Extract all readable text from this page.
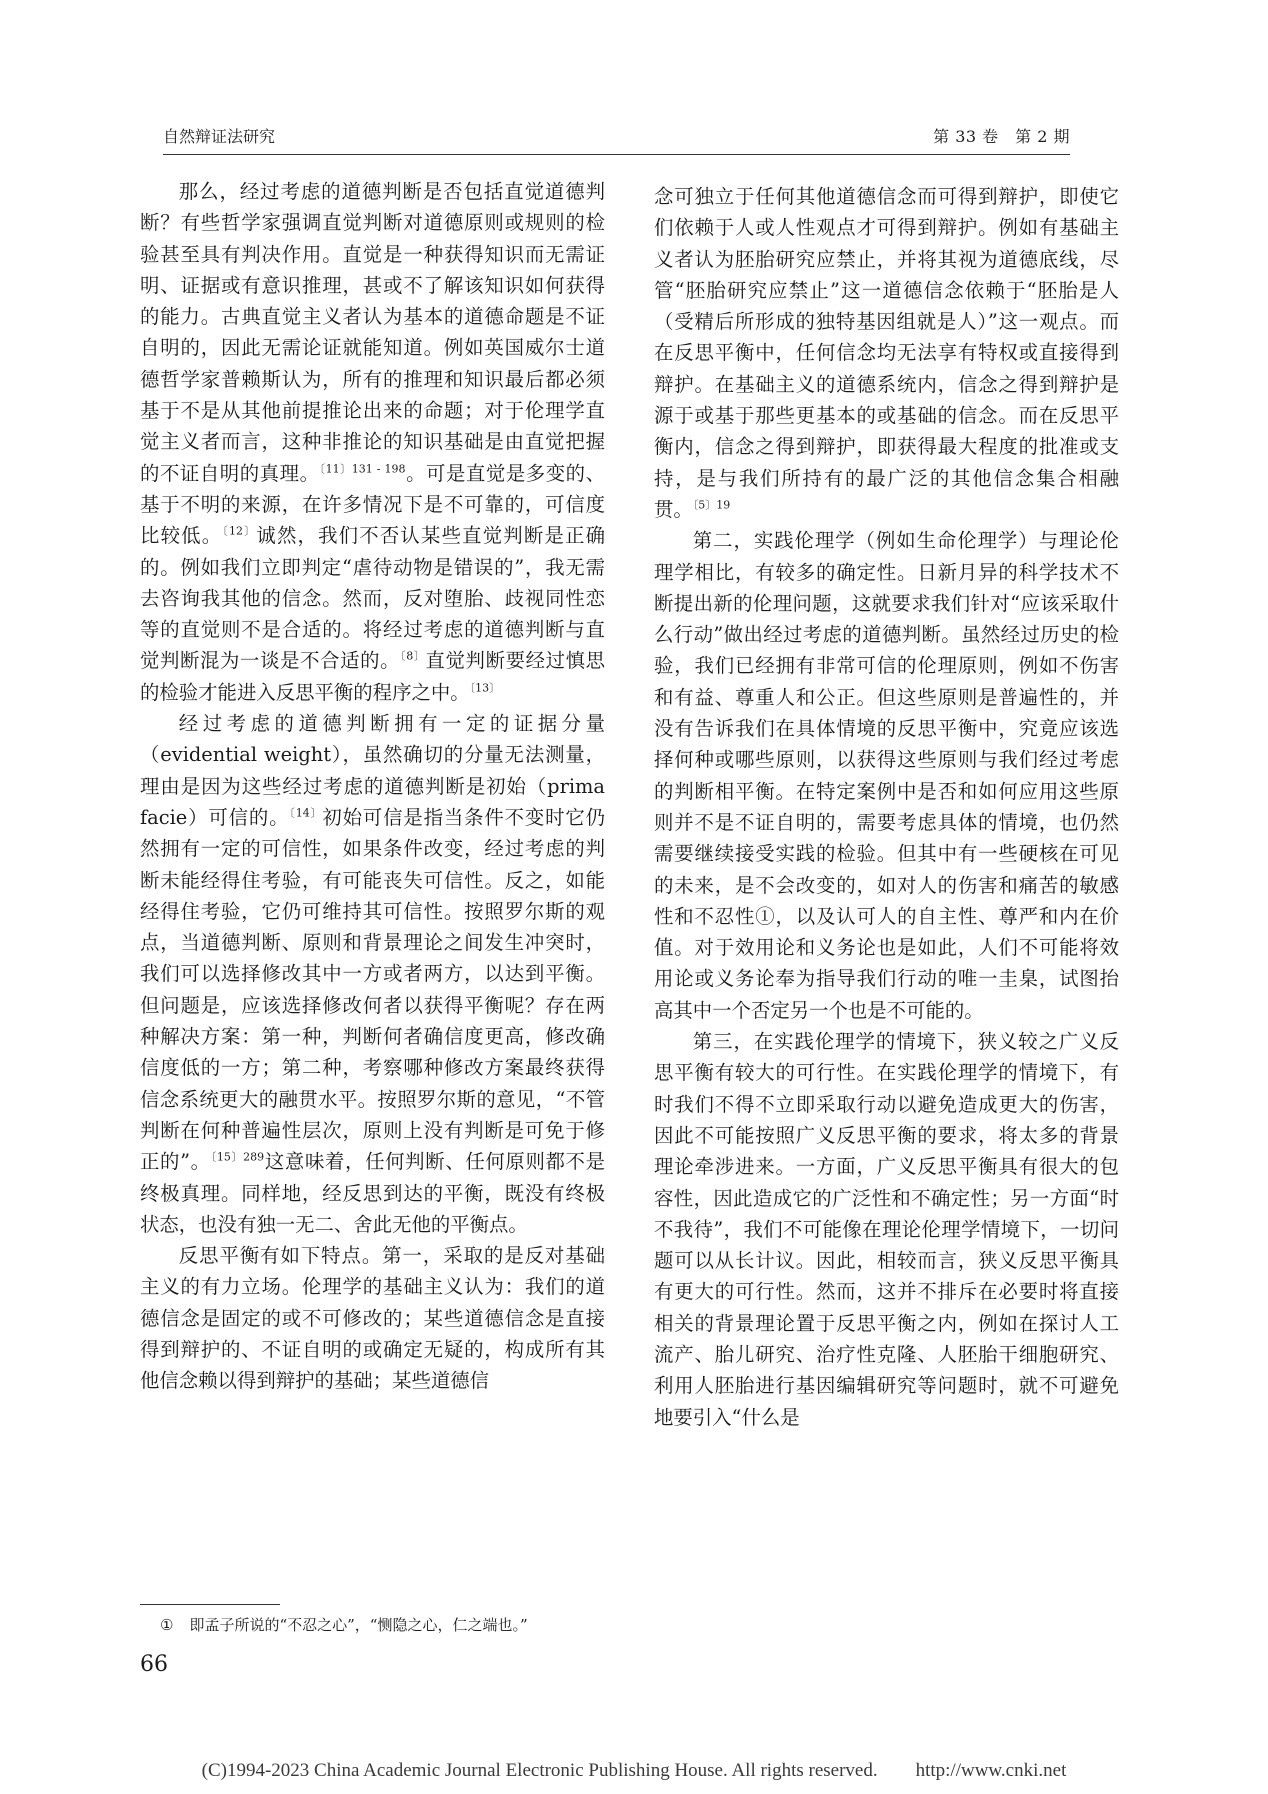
自然辩证法研究	第 33 卷　第 2 期

那么，经过考虑的道德判断是否包括直觉道德判断？有些哲学家强调直觉判断对道德原则或规则的检验甚至具有判决作用。直觉是一种获得知识而无需证明、证据或有意识推理，甚或不了解该知识如何获得的能力。古典直觉主义者认为基本的道德命题是不证自明的，因此无需论证就能知道。例如英国威尔士道德哲学家普赖斯认为，所有的推理和知识最后都必须基于不是从其他前提推论出来的命题；对于伦理学直觉主义者而言，这种非推论的知识基础是由直觉把握的不证自明的真理。$^{〔11〕131 - 198}$。可是直觉是多变的、基于不明的来源，在许多情况下是不可靠的，可信度比较低。$^{〔12〕}$诚然，我们不否认某些直觉判断是正确的。例如我们立即判定“虐待动物是错误的”，我无需去咨询我其他的信念。然而，反对堕胎、歧视同性恋等的直觉则不是合适的。将经过考虑的道德判断与直觉判断混为一谈是不合适的。$^{〔8〕}$直觉判断要经过慎思的检验才能进入反思平衡的程序之中。$^{〔13〕}$

经过考虑的道德判断拥有一定的证据分量（evidential weight），虽然确切的分量无法测量，理由是因为这些经过考虑的道德判断是初始（prima facie）可信的。$^{〔14〕}$初始可信是指当条件不变时它仍然拥有一定的可信性，如果条件改变，经过考虑的判断未能经得住考验，有可能丧失可信性。反之，如能经得住考验，它仍可维持其可信性。按照罗尔斯的观点，当道德判断、原则和背景理论之间发生冲突时，我们可以选择修改其中一方或者两方，以达到平衡。但问题是，应该选择修改何者以获得平衡呢？存在两种解决方案：第一种，判断何者确信度更高，修改确信度低的一方；第二种，考察哪种修改方案最终获得信念系统更大的融贯水平。按照罗尔斯的意见，“不管判断在何种普遍性层次，原则上没有判断是可免于修正的”。$^{〔15〕289}$这意味着，任何判断、任何原则都不是终极真理。同样地，经反思到达的平衡，既没有终极状态，也没有独一无二、舍此无他的平衡点。

反思平衡有如下特点。第一，采取的是反对基础主义的有力立场。伦理学的基础主义认为：我们的道德信念是固定的或不可修改的；某些道德信念是直接得到辩护的、不证自明的或确定无疑的，构成所有其他信念赖以得到辩护的基础；某些道德信

念可独立于任何其他道德信念而可得到辩护，即使它们依赖于人或人性观点才可得到辩护。例如有基础主义者认为胚胎研究应禁止，并将其视为道德底线，尽管“胚胎研究应禁止”这一道德信念依赖于“胚胎是人（受精后所形成的独特基因组就是人）”这一观点。而在反思平衡中，任何信念均无法享有特权或直接得到辩护。在基础主义的道德系统内，信念之得到辩护是源于或基于那些更基本的或基础的信念。而在反思平衡内，信念之得到辩护，即获得最大程度的批准或支持，是与我们所持有的最广泛的其他信念集合相融贯。$^{〔5〕19}$

第二，实践伦理学（例如生命伦理学）与理论伦理学相比，有较多的确定性。日新月异的科学技术不断提出新的伦理问题，这就要求我们针对“应该采取什么行动”做出经过考虑的道德判断。虽然经过历史的检验，我们已经拥有非常可信的伦理原则，例如不伤害和有益、尊重人和公正。但这些原则是普遍性的，并没有告诉我们在具体情境的反思平衡中，究竟应该选择何种或哪些原则，以获得这些原则与我们经过考虑的判断相平衡。在特定案例中是否和如何应用这些原则并不是不证自明的，需要考虑具体的情境，也仍然需要继续接受实践的检验。但其中有一些硬核在可见的未来，是不会改变的，如对人的伤害和痛苦的敏感性和不忍性①，以及认可人的自主性、尊严和内在价值。对于效用论和义务论也是如此，人们不可能将效用论或义务论奉为指导我们行动的唯一圭臬，试图抬高其中一个否定另一个也是不可能的。

第三，在实践伦理学的情境下，狭义较之广义反思平衡有较大的可行性。在实践伦理学的情境下，有时我们不得不立即采取行动以避免造成更大的伤害，因此不可能按照广义反思平衡的要求，将太多的背景理论牵涉进来。一方面，广义反思平衡具有很大的包容性，因此造成它的广泛性和不确定性；另一方面“时不我待”，我们不可能像在理论伦理学情境下，一切问题可以从长计议。因此，相较而言，狭义反思平衡具有更大的可行性。然而，这并不排斥在必要时将直接相关的背景理论置于反思平衡之内，例如在探讨人工流产、胎儿研究、治疗性克隆、人胚胎干细胞研究、利用人胚胎进行基因编辑研究等问题时，就不可避免地要引入“什么是

① 即孟子所说的“不忍之心”，“恻隐之心，仁之端也。”
66
(C)1994-2023 China Academic Journal Electronic Publishing House. All rights reserved.　　http://www.cnki.net
